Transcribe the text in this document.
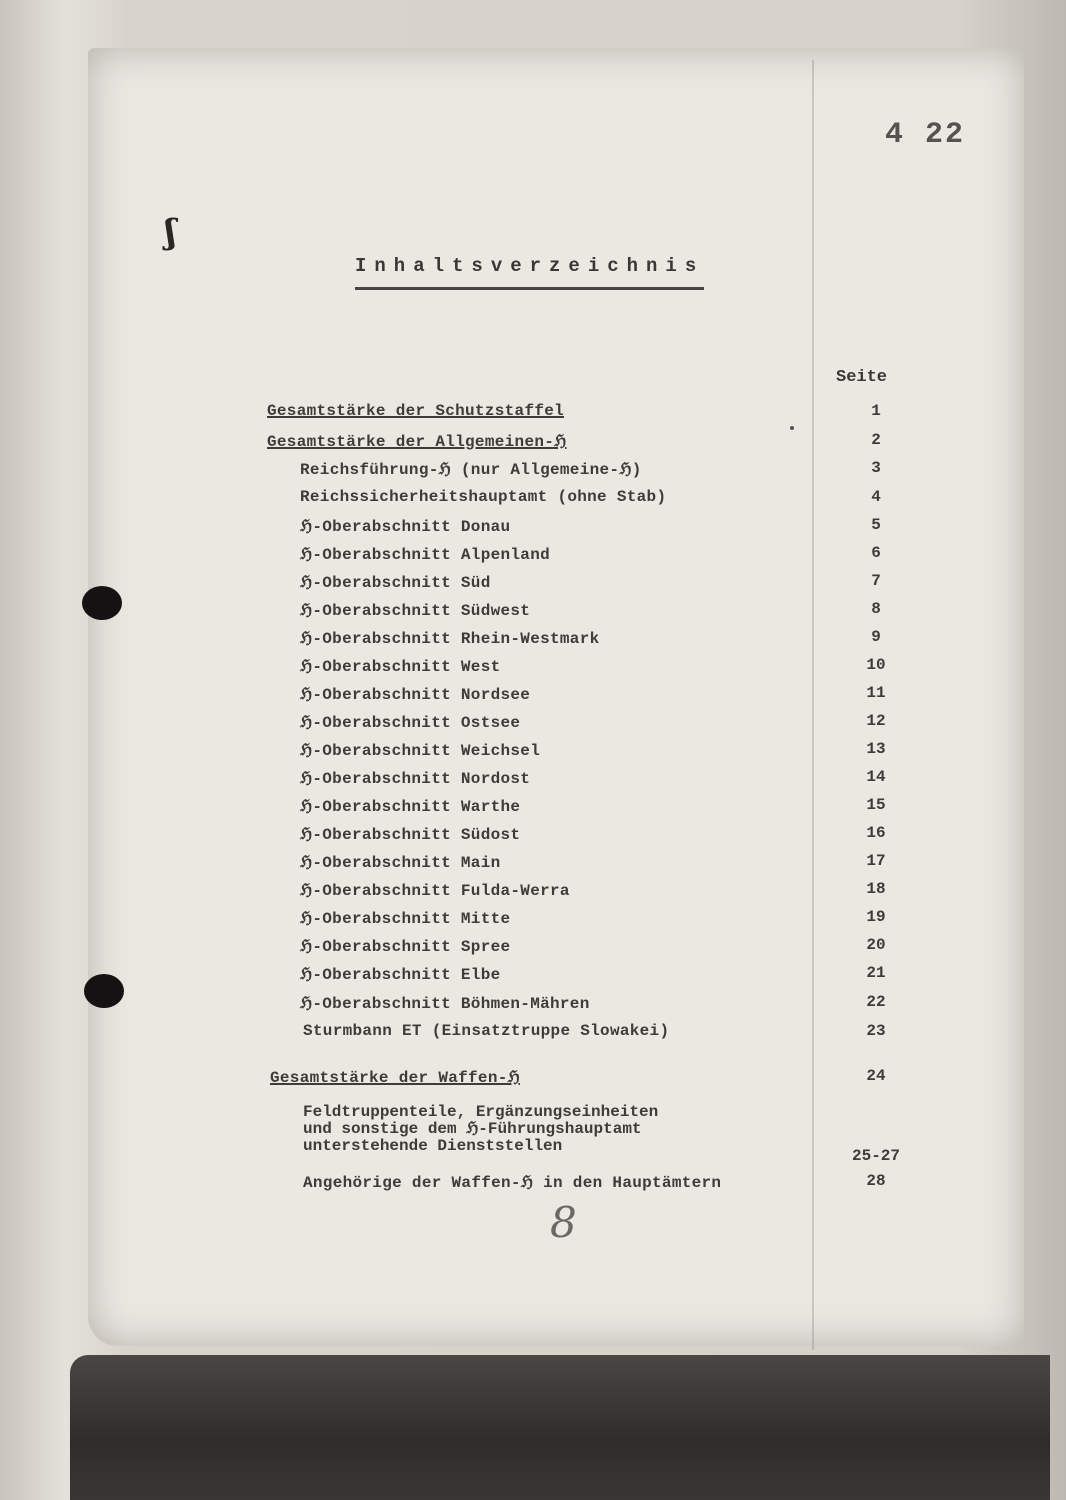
4 22
ʃ
Inhaltsverzeichnis
Seite
Gesamtstärke der Schutzstaffel	1
Gesamtstärke der Allgemeinen-ℌ	2
Reichsführung-ℌ (nur Allgemeine-ℌ)	3
Reichssicherheitshauptamt (ohne Stab)	4
ℌ-Oberabschnitt Donau	5
ℌ-Oberabschnitt Alpenland	6
ℌ-Oberabschnitt Süd	7
ℌ-Oberabschnitt Südwest	8
ℌ-Oberabschnitt Rhein-Westmark	9
ℌ-Oberabschnitt West	10
ℌ-Oberabschnitt Nordsee	11
ℌ-Oberabschnitt Ostsee	12
ℌ-Oberabschnitt Weichsel	13
ℌ-Oberabschnitt Nordost	14
ℌ-Oberabschnitt Warthe	15
ℌ-Oberabschnitt Südost	16
ℌ-Oberabschnitt Main	17
ℌ-Oberabschnitt Fulda-Werra	18
ℌ-Oberabschnitt Mitte	19
ℌ-Oberabschnitt Spree	20
ℌ-Oberabschnitt Elbe	21
ℌ-Oberabschnitt Böhmen-Mähren	22
Sturmbann ET (Einsatztruppe Slowakei)	23
Gesamtstärke der Waffen-ℌ	24
Feldtruppenteile, Ergänzungseinheiten
und sonstige dem ℌ-Führungshauptamt
unterstehende Dienststellen
25-27
Angehörige der Waffen-ℌ in den Hauptämtern	28
8
